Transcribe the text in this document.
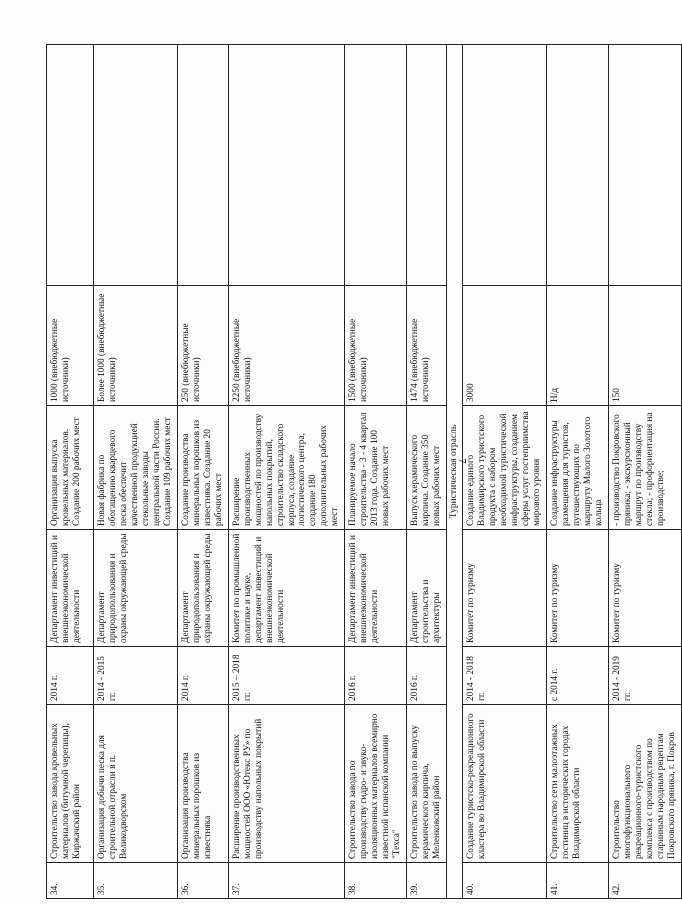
7
34.	Строительство завода кровельных материалов (битумной черепицы), Киржачский район	2014 г.	Департамент инвестиций и внешнеэкономической деятельности	Организация выпуска кровельных материалов. Создание 200 рабочих мест	1000 (внебюджетные источники)	
35.	Организация добычи песка для строительной отрасли в п. Великодворском	2014 - 2015 гг.	Департамент природопользования и охраны окружающей среды	Новая фабрика по обогащению кварцевого песка обеспечит качественной продукцией стекольные заводы центральной части России. Создание 109 рабочих мест	Более 1000 (внебюджетные источники)	
36.	Организация производства минеральных порошков из известняка	2014 г.	Департамент природопользования и охраны окружающей среды	Создание производства минеральных порошков из известняка. Создание 20 рабочих мест	250 (внебюджетные источники)	
37.	Расширение производственных мощностей ООО «Ютекс РУ» по производству напольных покрытий	2015 – 2018 гг.	Комитет по промышленной политике и науке, департамент инвестиций и внешнеэкономической деятельности	Расширение производственных мощностей по производству напольных покрытий, строительство складского корпуса, создание логистического центра, создание 180 дополнительных рабочих мест	2250 (внебюджетные источники)	
38.	Строительство завода по производству гидро- и звуко-изоляционных материалов всемирно известной испанской компании "Техса"	2016 г.	Департамент инвестиций и внешнеэкономической деятельности	Планируемое начало строительства - 3 - 4 квартал 2013 года. Создание 100 новых рабочих мест	1500 (внебюджетные источники)	
39.	Строительство завода по выпуску керамического кирпича, Меленковский район	2016 г.	Департамент строительства и архитектуры	Выпуск керамического кирпича. Создание 350 новых рабочих мест	1474 (внебюджетные источники)	
Туристическая отрасль						
40.	Создание туристско-рекреационного кластера во Владимирской области	2014 - 2018 гг.	Комитет по туризму	Создание единого Владимирского туристского продукта с набором необходимой туристической инфраструктуры, созданием сферы услуг гостеприимства мирового уровня	3000	
41.	Строительство сети малоэтажных гостиниц в исторических городах Владимирской области	с 2014 г.	Комитет по туризму	Создание инфраструктуры размещения для туристов, путешествующих по маршруту Малого Золотого кольца	Н/д	
42.	Строительство многофункционального рекреационного-туристского комплекса с производством по старинным народным рецептам Покровского пряника, г. Покров	2014 - 2019 гг.	Комитет по туризму	- производство Покровского пряника; - экскурсионный маршрут по производству стекла; - профориентация на производстве;	150	
